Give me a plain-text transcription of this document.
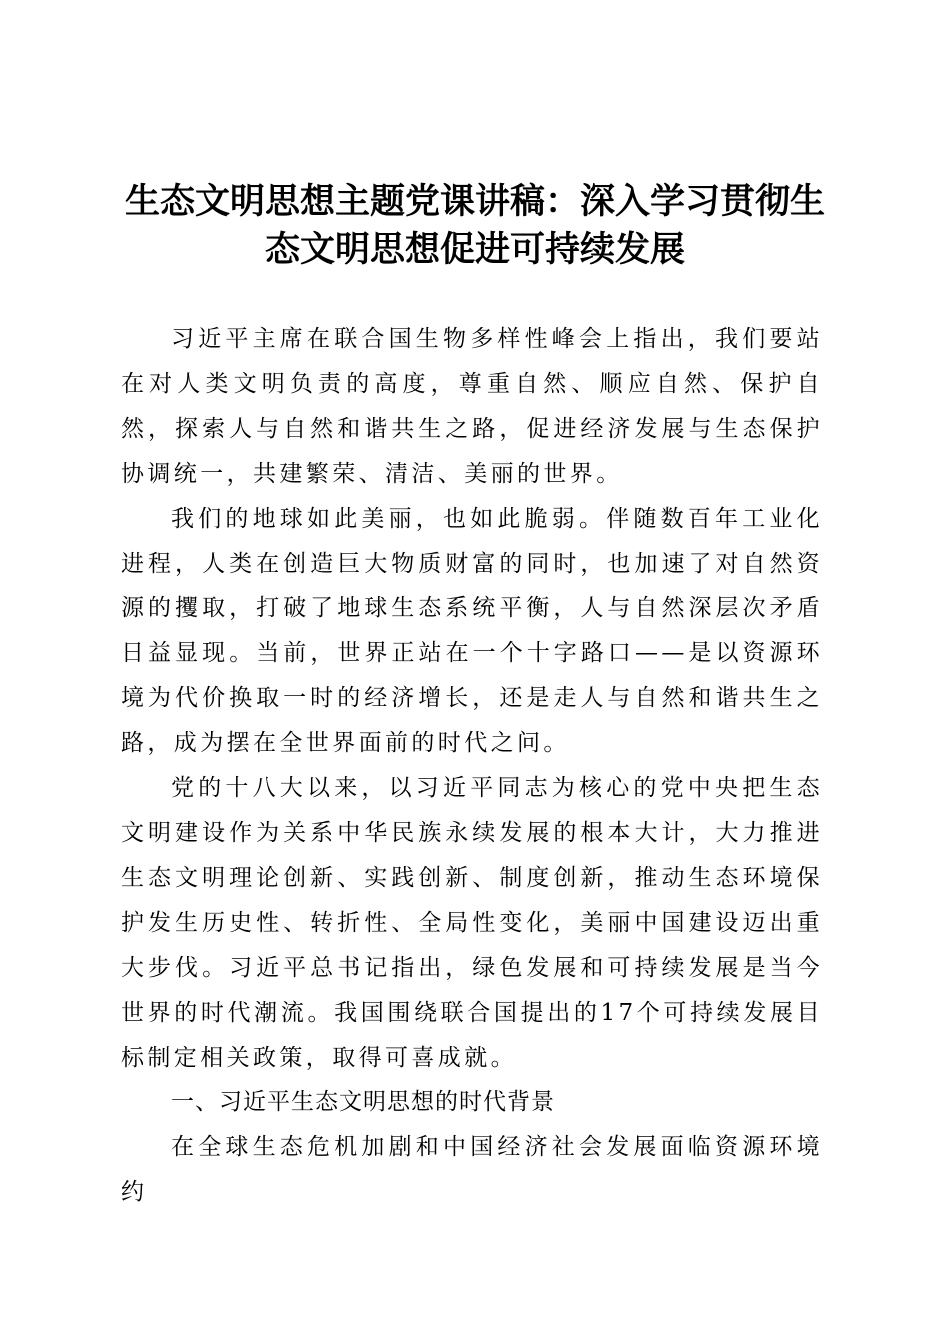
生态文明思想主题党课讲稿：深入学习贯彻生
态文明思想促进可持续发展

习近平主席在联合国生物多样性峰会上指出，我们要站在对人类文明负责的高度，尊重自然、顺应自然、保护自然，探索人与自然和谐共生之路，促进经济发展与生态保护协调统一，共建繁荣、清洁、美丽的世界。

我们的地球如此美丽，也如此脆弱。伴随数百年工业化进程，人类在创造巨大物质财富的同时，也加速了对自然资源的攫取，打破了地球生态系统平衡，人与自然深层次矛盾日益显现。当前，世界正站在一个十字路口——是以资源环境为代价换取一时的经济增长，还是走人与自然和谐共生之路，成为摆在全世界面前的时代之问。

党的十八大以来，以习近平同志为核心的党中央把生态文明建设作为关系中华民族永续发展的根本大计，大力推进生态文明理论创新、实践创新、制度创新，推动生态环境保护发生历史性、转折性、全局性变化，美丽中国建设迈出重大步伐。习近平总书记指出，绿色发展和可持续发展是当今世界的时代潮流。我国围绕联合国提出的17个可持续发展目标制定相关政策，取得可喜成就。

一、习近平生态文明思想的时代背景

在全球生态危机加剧和中国经济社会发展面临资源环境约
